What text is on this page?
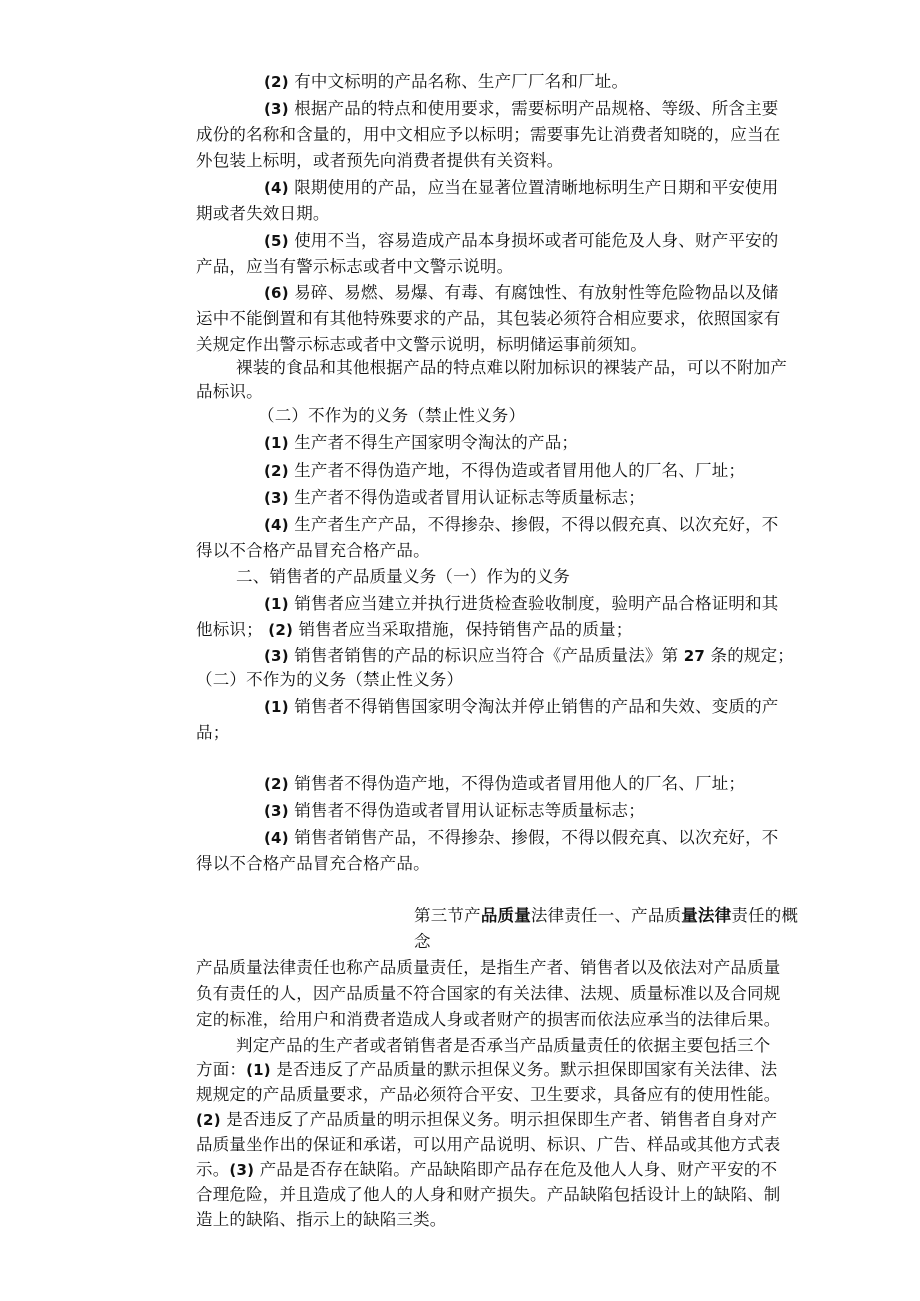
(2) 有中文标明的产品名称、生产厂厂名和厂址。
(3) 根据产品的特点和使用要求，需要标明产品规格、等级、所含主要
成份的名称和含量的，用中文相应予以标明；需要事先让消费者知晓的，应当在
外包装上标明，或者预先向消费者提供有关资料。
(4) 限期使用的产品，应当在显著位置清晰地标明生产日期和平安使用
期或者失效日期。
(5) 使用不当，容易造成产品本身损坏或者可能危及人身、财产平安的
产品，应当有警示标志或者中文警示说明。
(6) 易碎、易燃、易爆、有毒、有腐蚀性、有放射性等危险物品以及储
运中不能倒置和有其他特殊要求的产品，其包装必须符合相应要求，依照国家有
关规定作出警示标志或者中文警示说明，标明储运事前须知。
裸装的食品和其他根据产品的特点难以附加标识的裸装产品，可以不附加产
品标识。
（二）不作为的义务（禁止性义务）
(1) 生产者不得生产国家明令淘汰的产品；
(2) 生产者不得伪造产地，不得伪造或者冒用他人的厂名、厂址；
(3) 生产者不得伪造或者冒用认证标志等质量标志；
(4) 生产者生产产品，不得掺杂、掺假，不得以假充真、以次充好，不
得以不合格产品冒充合格产品。
二、销售者的产品质量义务（一）作为的义务
(1) 销售者应当建立并执行进货检查验收制度，验明产品合格证明和其
他标识； (2) 销售者应当采取措施，保持销售产品的质量；
(3) 销售者销售的产品的标识应当符合《产品质量法》第 27 条的规定；
（二）不作为的义务（禁止性义务）
(1) 销售者不得销售国家明令淘汰并停止销售的产品和失效、变质的产
品；
(2) 销售者不得伪造产地，不得伪造或者冒用他人的厂名、厂址；
(3) 销售者不得伪造或者冒用认证标志等质量标志；
(4) 销售者销售产品，不得掺杂、掺假，不得以假充真、以次充好，不
得以不合格产品冒充合格产品。
第三节产品质量法律责任一、产品质量法律责任的概
念
产品质量法律责任也称产品质量责任，是指生产者、销售者以及依法对产品质量
负有责任的人，因产品质量不符合国家的有关法律、法规、质量标准以及合同规
定的标准，给用户和消费者造成人身或者财产的损害而依法应承当的法律后果。
判定产品的生产者或者销售者是否承当产品质量责任的依据主要包括三个
方面：(1) 是否违反了产品质量的默示担保义务。默示担保即国家有关法律、法
规规定的产品质量要求，产品必须符合平安、卫生要求，具备应有的使用性能。
(2) 是否违反了产品质量的明示担保义务。明示担保即生产者、销售者自身对产
品质量坐作出的保证和承诺，可以用产品说明、标识、广告、样品或其他方式表
示。(3) 产品是否存在缺陷。产品缺陷即产品存在危及他人人身、财产平安的不
合理危险，并且造成了他人的人身和财产损失。产品缺陷包括设计上的缺陷、制
造上的缺陷、指示上的缺陷三类。
